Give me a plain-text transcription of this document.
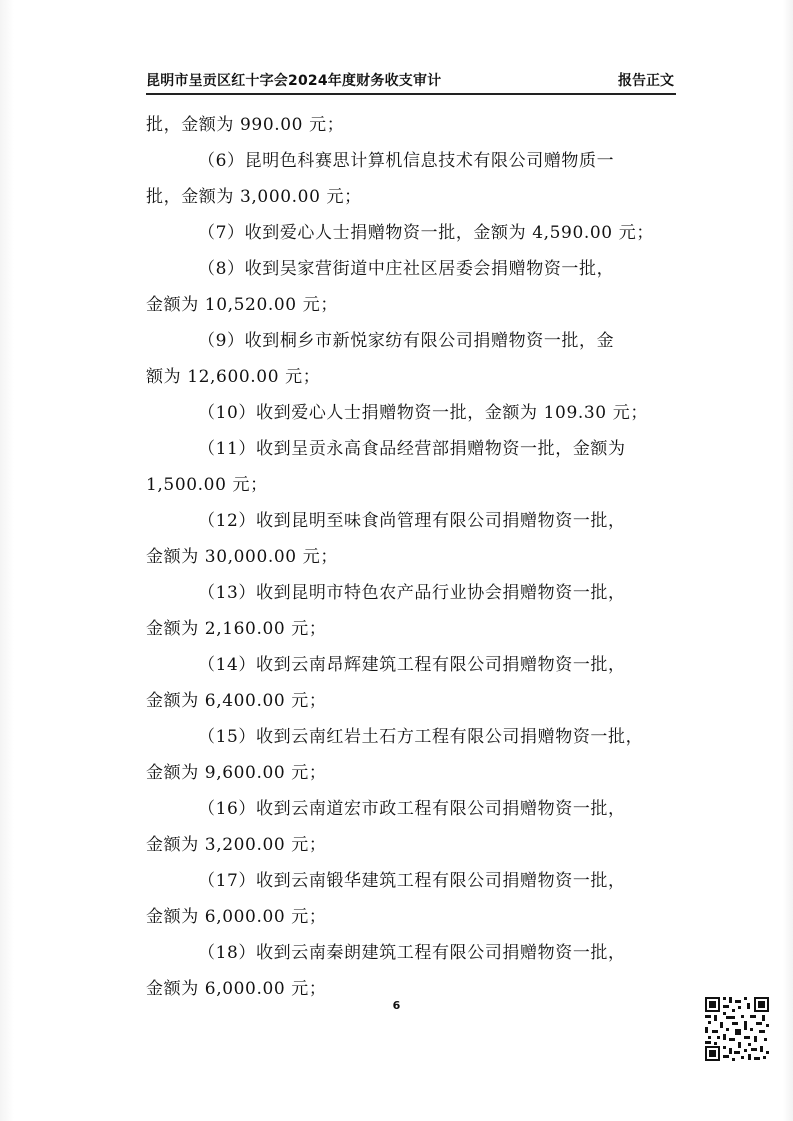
昆明市呈贡区红十字会2024年度财务收支审计	报告正文
批，金额为 990.00 元；
（6）昆明色科赛思计算机信息技术有限公司赠物质一
批，金额为 3,000.00 元；
（7）收到爱心人士捐赠物资一批，金额为 4,590.00 元；
（8）收到吴家营街道中庄社区居委会捐赠物资一批，
金额为 10,520.00 元；
（9）收到桐乡市新悦家纺有限公司捐赠物资一批，金
额为 12,600.00 元；
（10）收到爱心人士捐赠物资一批，金额为 109.30 元；
（11）收到呈贡永高食品经营部捐赠物资一批，金额为
1,500.00 元；
（12）收到昆明至味食尚管理有限公司捐赠物资一批，
金额为 30,000.00 元；
（13）收到昆明市特色农产品行业协会捐赠物资一批，
金额为 2,160.00 元；
（14）收到云南昂辉建筑工程有限公司捐赠物资一批，
金额为 6,400.00 元；
（15）收到云南红岩土石方工程有限公司捐赠物资一批，
金额为 9,600.00 元；
（16）收到云南道宏市政工程有限公司捐赠物资一批，
金额为 3,200.00 元；
（17）收到云南锻华建筑工程有限公司捐赠物资一批，
金额为 6,000.00 元；
（18）收到云南秦朗建筑工程有限公司捐赠物资一批，
金额为 6,000.00 元；
6
